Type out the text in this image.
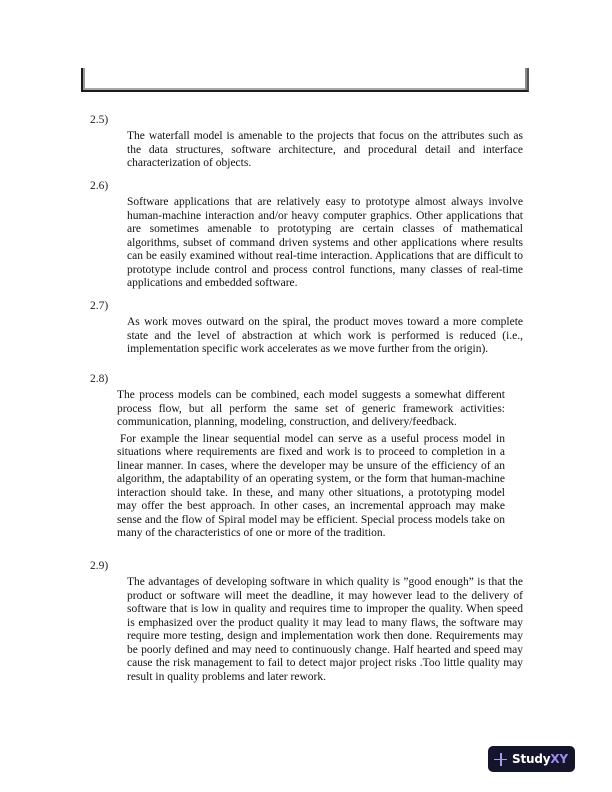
2.5)

The waterfall model is amenable to the projects that focus on the attributes such as the data structures, software architecture, and procedural detail and interface characterization of objects.

2.6)

Software applications that are relatively easy to prototype almost always involve human-machine interaction and/or heavy computer graphics. Other applications that are sometimes amenable to prototyping are certain classes of mathematical algorithms, subset of command driven systems and other applications where results can be easily examined without real-time interaction. Applications that are difficult to prototype include control and process control functions, many classes of real-time applications and embedded software.

2.7)

As work moves outward on the spiral, the product moves toward a more complete state and the level of abstraction at which work is performed is reduced (i.e., implementation specific work accelerates as we move further from the origin).

2.8)

The process models can be combined, each model suggests a somewhat different process flow, but all perform the same set of generic framework activities: communication, planning, modeling, construction, and delivery/feedback.

For example the linear sequential model can serve as a useful process model in situations where requirements are fixed and work is to proceed to completion in a linear manner. In cases, where the developer may be unsure of the efficiency of an algorithm, the adaptability of an operating system, or the form that human-machine interaction should take. In these, and many other situations, a prototyping model may offer the best approach. In other cases, an incremental approach may make sense and the flow of Spiral model may be efficient. Special process models take on many of the characteristics of one or more of the tradition.

2.9)

The advantages of developing software in which quality is ”good enough” is that the product or software will meet the deadline, it may however lead to the delivery of software that is low in quality and requires time to improper the quality. When speed is emphasized over the product quality it may lead to many flaws, the software may require more testing, design and implementation work then done. Requirements may be poorly defined and may need to continuously change. Half hearted and speed may cause the risk management to fail to detect major project risks .Too little quality may result in quality problems and later rework.

StudyXY
